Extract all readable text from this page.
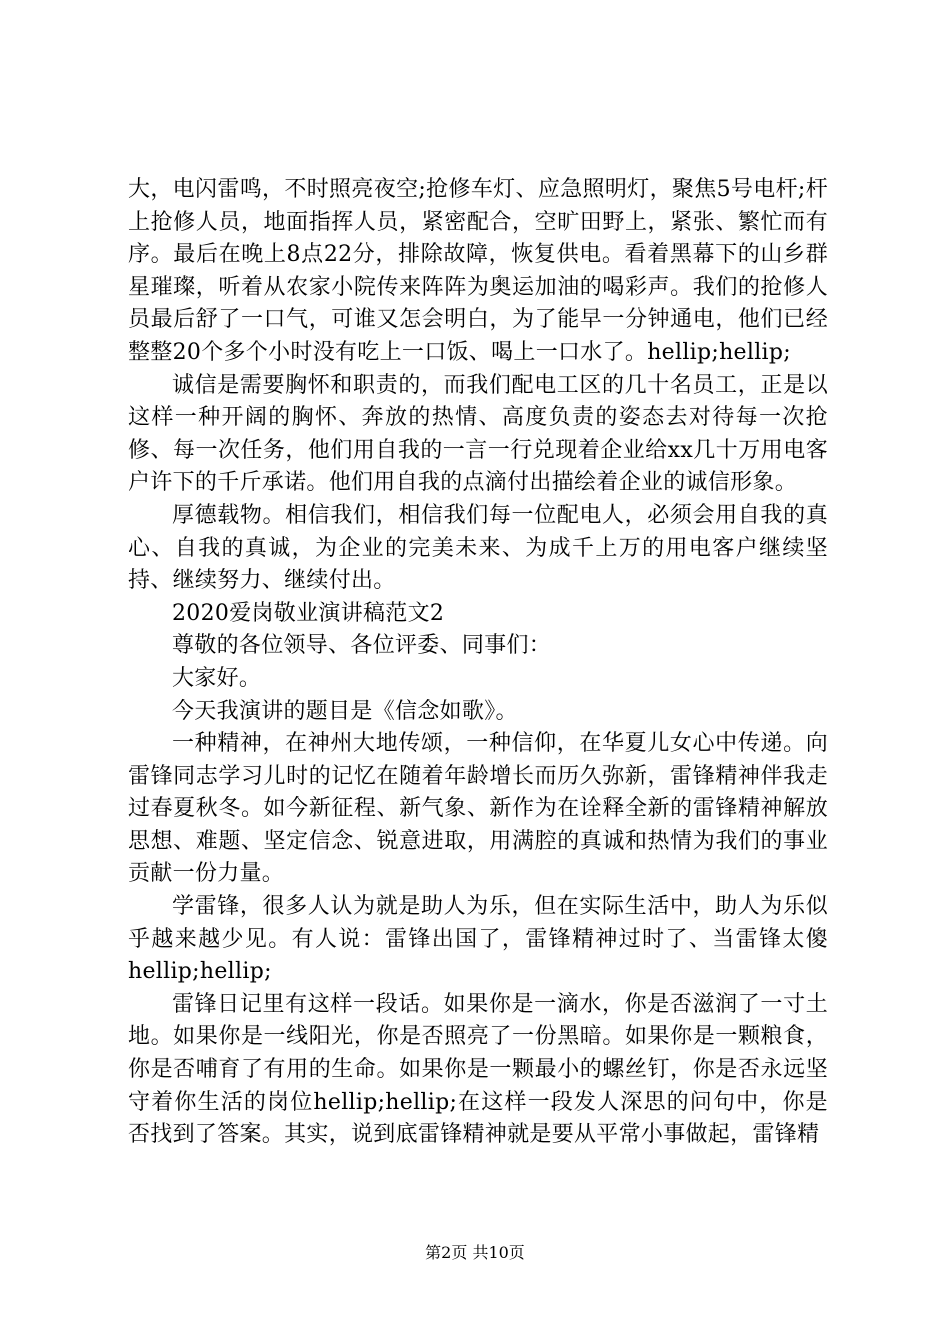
大，电闪雷鸣，不时照亮夜空;抢修车灯、应急照明灯，聚焦5号电杆;杆上抢修人员，地面指挥人员，紧密配合，空旷田野上，紧张、繁忙而有序。最后在晚上8点22分，排除故障，恢复供电。看着黑幕下的山乡群星璀璨，听着从农家小院传来阵阵为奥运加油的喝彩声。我们的抢修人员最后舒了一口气，可谁又怎会明白，为了能早一分钟通电，他们已经整整20个多个小时没有吃上一口饭、喝上一口水了。hellip;hellip;

诚信是需要胸怀和职责的，而我们配电工区的几十名员工，正是以这样一种开阔的胸怀、奔放的热情、高度负责的姿态去对待每一次抢修、每一次任务，他们用自我的一言一行兑现着企业给xx几十万用电客户许下的千斤承诺。他们用自我的点滴付出描绘着企业的诚信形象。

厚德载物。相信我们，相信我们每一位配电人，必须会用自我的真心、自我的真诚，为企业的完美未来、为成千上万的用电客户继续坚持、继续努力、继续付出。

2020爱岗敬业演讲稿范文2

尊敬的各位领导、各位评委、同事们：

大家好。

今天我演讲的题目是《信念如歌》。

一种精神，在神州大地传颂，一种信仰，在华夏儿女心中传递。向雷锋同志学习儿时的记忆在随着年龄增长而历久弥新，雷锋精神伴我走过春夏秋冬。如今新征程、新气象、新作为在诠释全新的雷锋精神解放思想、难题、坚定信念、锐意进取，用满腔的真诚和热情为我们的事业贡献一份力量。

学雷锋，很多人认为就是助人为乐，但在实际生活中，助人为乐似乎越来越少见。有人说：雷锋出国了，雷锋精神过时了、当雷锋太傻hellip;hellip;

雷锋日记里有这样一段话。如果你是一滴水，你是否滋润了一寸土地。如果你是一线阳光，你是否照亮了一份黑暗。如果你是一颗粮食，你是否哺育了有用的生命。如果你是一颗最小的螺丝钉，你是否永远坚守着你生活的岗位hellip;hellip;在这样一段发人深思的问句中，你是否找到了答案。其实，说到底雷锋精神就是要从平常小事做起，雷锋精

第2页 共10页
